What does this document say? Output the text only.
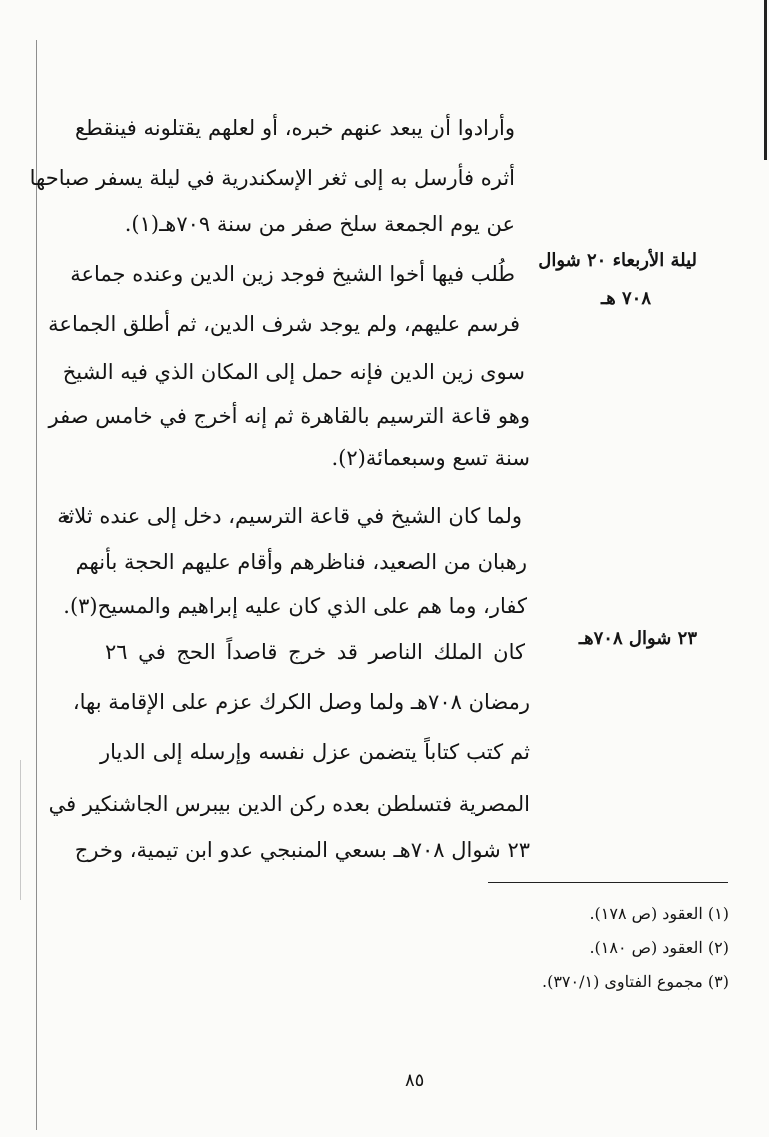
وأرادوا أن يبعد عنهم خبره، أو لعلهم يقتلونه فينقطع
أثره فأرسل به إلى ثغر الإسكندرية في ليلة يسفر صباحها
عن يوم الجمعة سلخ صفر من سنة ٧٠٩هـ(١).
ليلة الأربعاء ٢٠ شوال
٧٠٨ هـ
طُلب فيها أخوا الشيخ فوجد زين الدين وعنده جماعة
فرسم عليهم، ولم يوجد شرف الدين، ثم أطلق الجماعة
سوى زين الدين فإنه حمل إلى المكان الذي فيه الشيخ
وهو قاعة الترسيم بالقاهرة ثم إنه أخرج في خامس صفر
سنة تسع وسبعمائة(٢).
ولما كان الشيخ في قاعة الترسيم، دخل إلى عنده ثلاثة
رهبان من الصعيد، فناظرهم وأقام عليهم الحجة بأنهم
كفار، وما هم على الذي كان عليه إبراهيم والمسيح(٣).
٢٣ شوال ٧٠٨هـ
كان الملك الناصر قد خرج قاصداً الحج في ٢٦
رمضان ٧٠٨هـ ولما وصل الكرك عزم على الإقامة بها،
ثم كتب كتاباً يتضمن عزل نفسه وإرسله إلى الديار
المصرية فتسلطن بعده ركن الدين بيبرس الجاشنكير في
٢٣ شوال ٧٠٨هـ بسعي المنبجي عدو ابن تيمية، وخرج
(١) العقود (ص ١٧٨).
(٢) العقود (ص ١٨٠).
(٣) مجموع الفتاوى (٣٧٠/١).
٨٥
